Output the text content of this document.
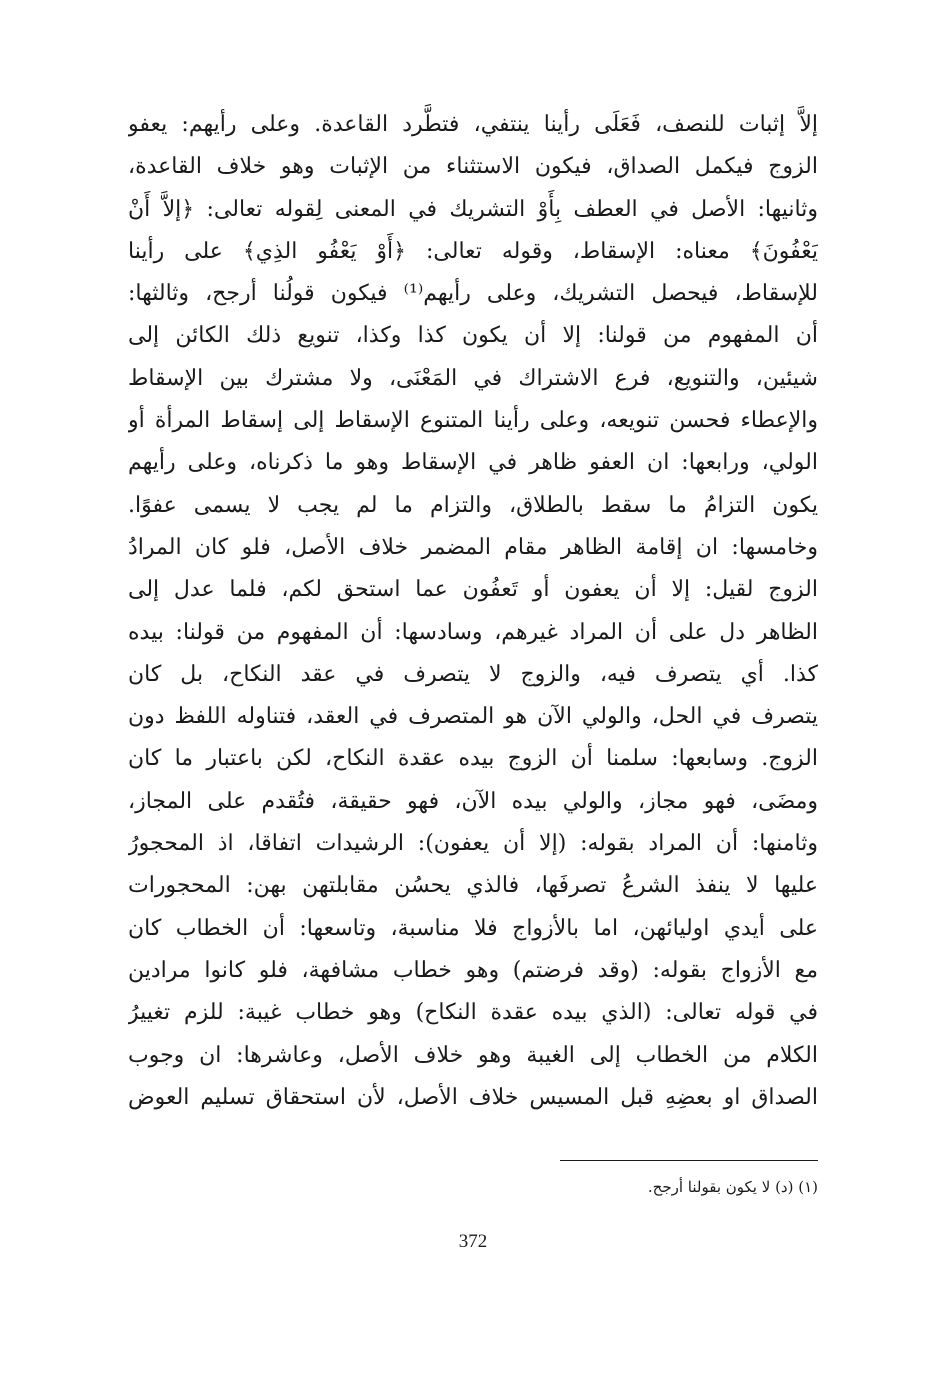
إلاَّ إثبات للنصف، فَعَلَى رأينا ينتفي، فتطَّرد القاعدة. وعلى رأيهم: يعفو
الزوج فيكمل الصداق، فيكون الاستثناء من الإثبات وهو خلاف القاعدة،
وثانيها: الأصل في العطف بِأَوْ التشريك في المعنى لِقوله تعالى: ﴿إلاَّ أَنْ
يَعْفُونَ﴾ معناه: الإسقاط، وقوله تعالى: ﴿أَوْ يَعْفُو الذِي﴾ على رأينا
للإسقاط، فيحصل التشريك، وعلى رأيهم⁽¹⁾ فيكون قولُنا أرجح، وثالثها:
أن المفهوم من قولنا: إلا أن يكون كذا وكذا، تنويع ذلك الكائن إلى
شيئين، والتنويع، فرع الاشتراك في المَعْنَى، ولا مشترك بين الإسقاط
والإعطاء فحسن تنويعه، وعلى رأينا المتنوع الإسقاط إلى إسقاط المرأة أو
الولي، ورابعها: ان العفو ظاهر في الإسقاط وهو ما ذكرناه، وعلى رأيهم
يكون التزامُ ما سقط بالطلاق، والتزام ما لم يجب لا يسمى عفوًا.
وخامسها: ان إقامة الظاهر مقام المضمر خلاف الأصل، فلو كان المرادُ
الزوج لقيل: إلا أن يعفون أو تَعفُون عما استحق لكم، فلما عدل إلى
الظاهر دل على أن المراد غيرهم، وسادسها: أن المفهوم من قولنا: بيده
كذا. أي يتصرف فيه، والزوج لا يتصرف في عقد النكاح، بل كان
يتصرف في الحل، والولي الآن هو المتصرف في العقد، فتناوله اللفظ دون
الزوج. وسابعها: سلمنا أن الزوج بيده عقدة النكاح، لكن باعتبار ما كان
ومضَى، فهو مجاز، والولي بيده الآن، فهو حقيقة، فتُقدم على المجاز،
وثامنها: أن المراد بقوله: (إلا أن يعفون): الرشيدات اتفاقا، اذ المحجورُ
عليها لا ينفذ الشرعُ تصرفَها، فالذي يحسُن مقابلتهن بهن: المحجورات
على أيدي اوليائهن، اما بالأزواج فلا مناسبة، وتاسعها: أن الخطاب كان
مع الأزواج بقوله: (وقد فرضتم) وهو خطاب مشافهة، فلو كانوا مرادين
في قوله تعالى: (الذي بيده عقدة النكاح) وهو خطاب غيبة: للزم تغييرُ
الكلام من الخطاب إلى الغيبة وهو خلاف الأصل، وعاشرها: ان وجوب
الصداق او بعضِهِ قبل المسيس خلاف الأصل، لأن استحقاق تسليم العوض
(١) (د) لا يكون بقولنا أرجح.
372
